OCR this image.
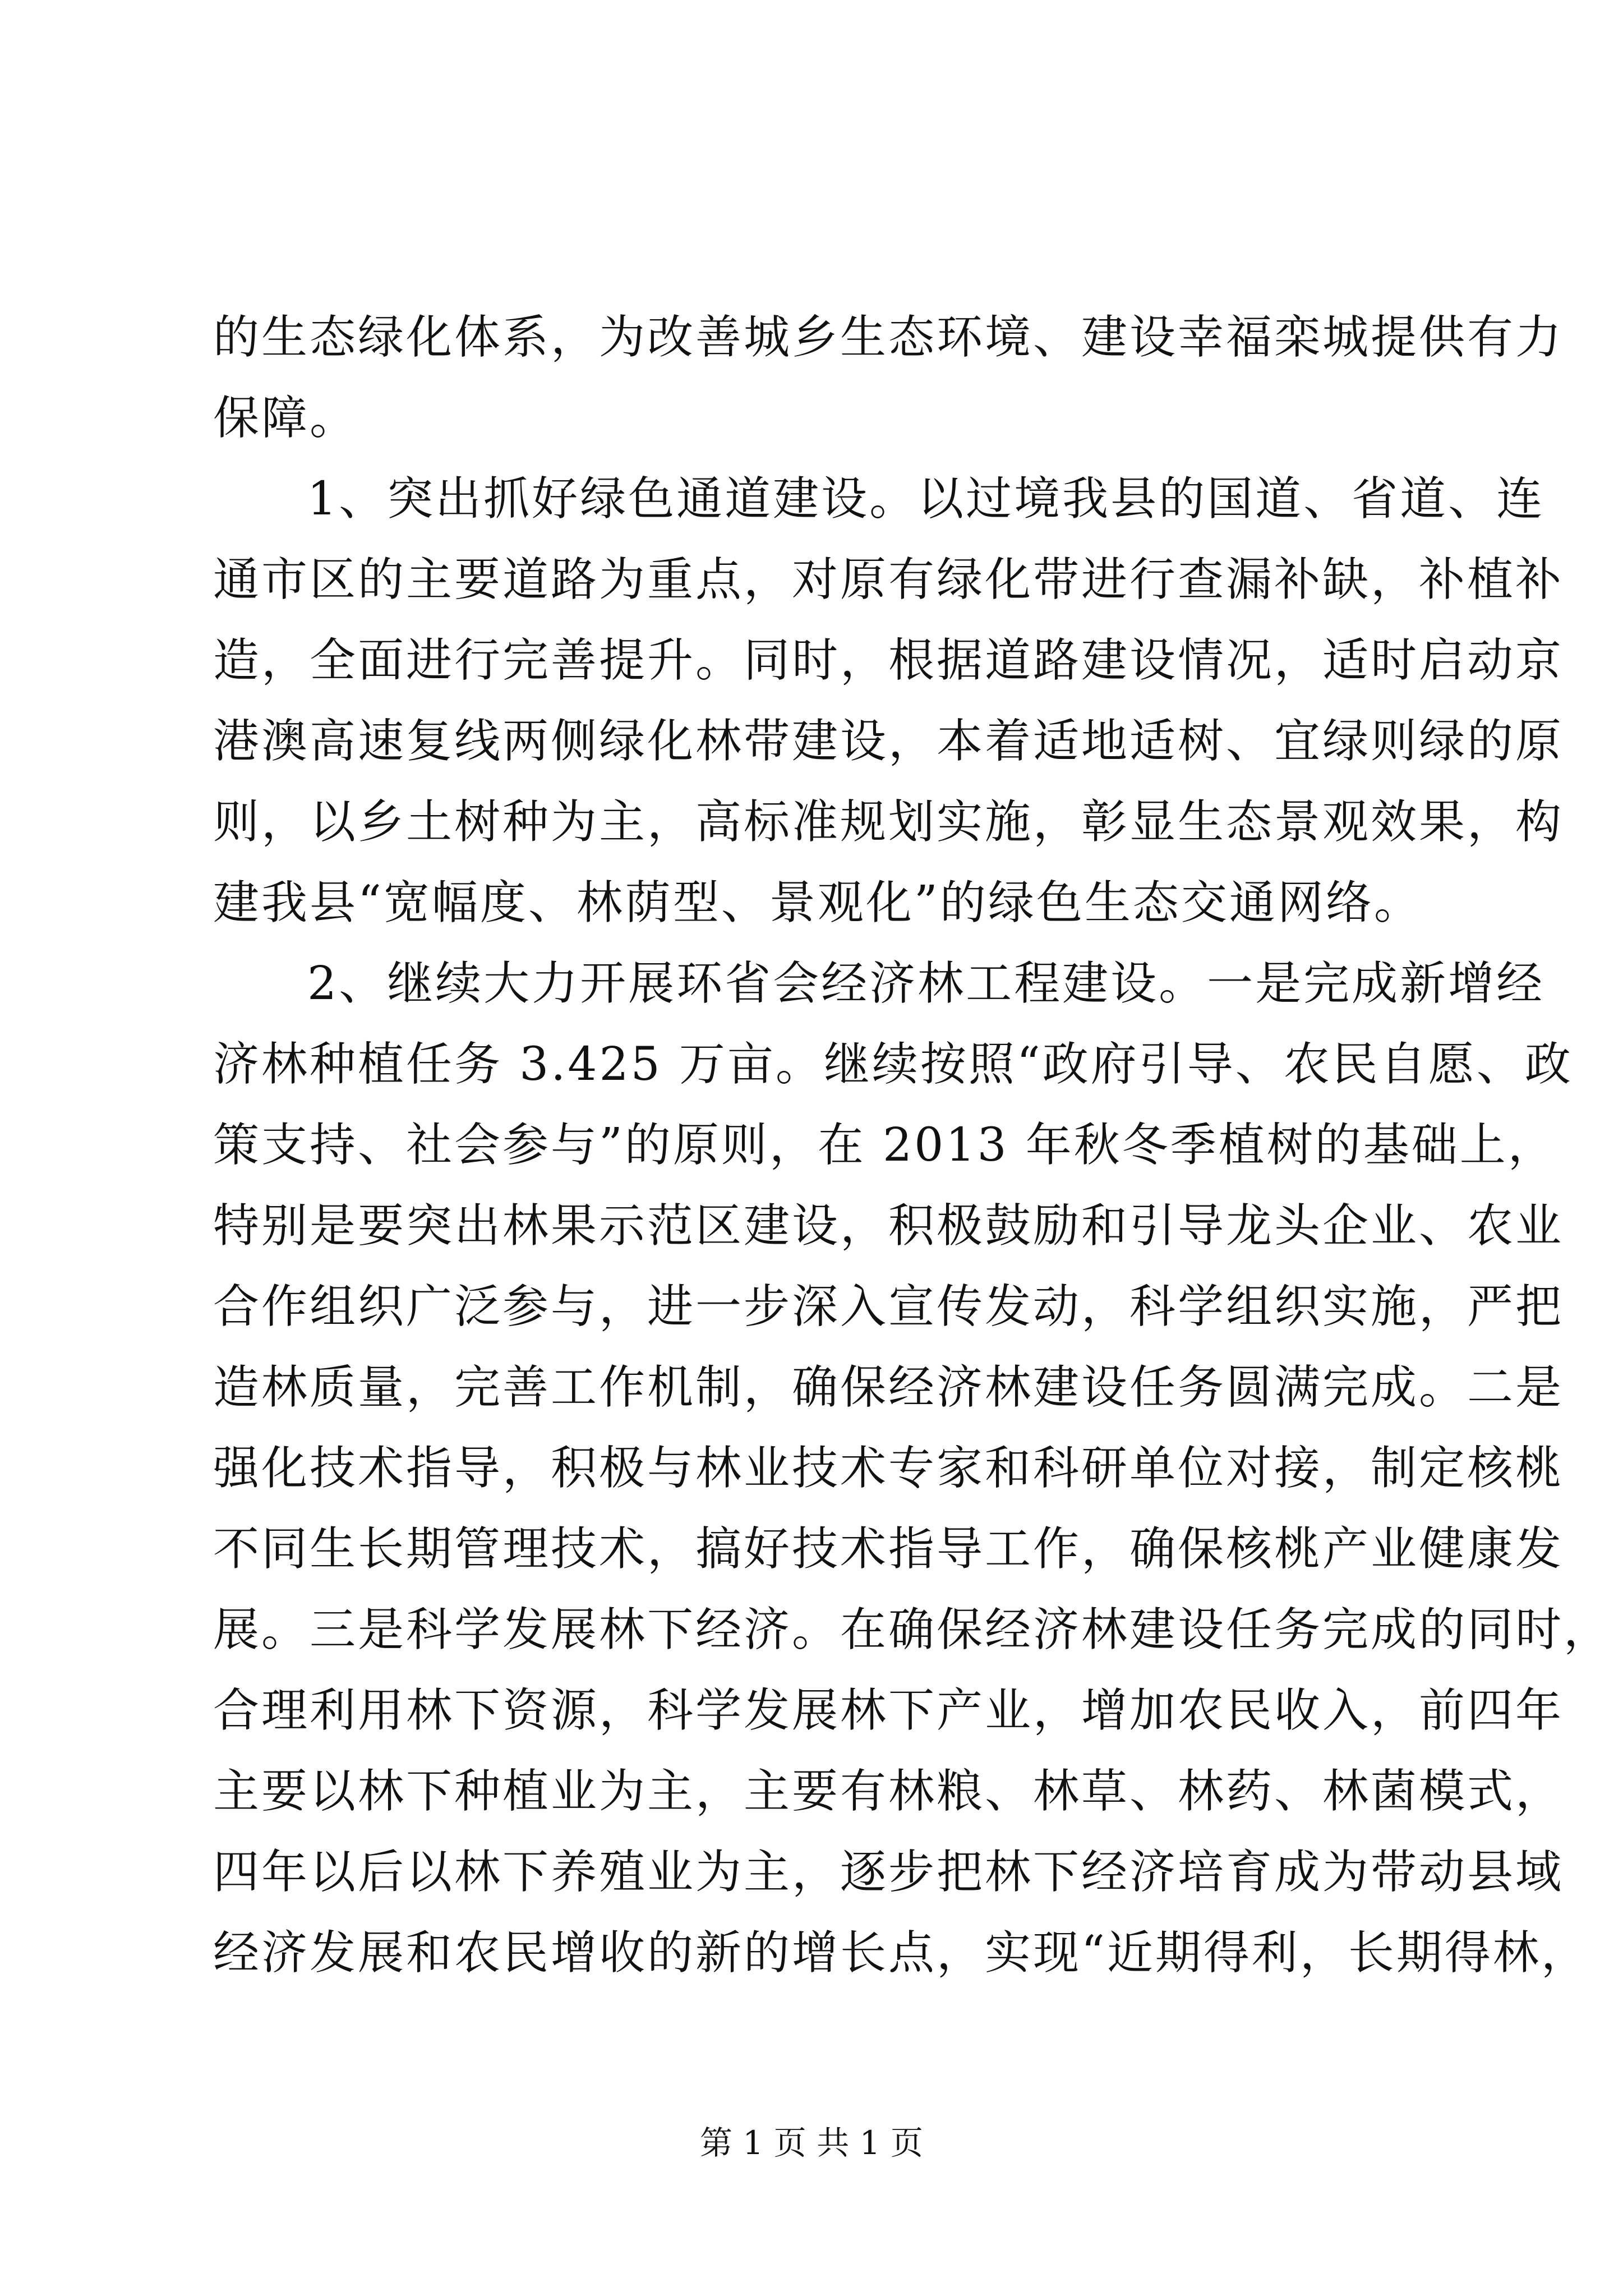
的生态绿化体系，为改善城乡生态环境、建设幸福栾城提供有力
保障。
1、突出抓好绿色通道建设。以过境我县的国道、省道、连
通市区的主要道路为重点，对原有绿化带进行查漏补缺，补植补
造，全面进行完善提升。同时，根据道路建设情况，适时启动京
港澳高速复线两侧绿化林带建设，本着适地适树、宜绿则绿的原
则，以乡土树种为主，高标准规划实施，彰显生态景观效果，构
建我县“宽幅度、林荫型、景观化”的绿色生态交通网络。
2、继续大力开展环省会经济林工程建设。一是完成新增经
济林种植任务 3.425 万亩。继续按照“政府引导、农民自愿、政
策支持、社会参与”的原则，在 2013 年秋冬季植树的基础上，
特别是要突出林果示范区建设，积极鼓励和引导龙头企业、农业
合作组织广泛参与，进一步深入宣传发动，科学组织实施，严把
造林质量，完善工作机制，确保经济林建设任务圆满完成。二是
强化技术指导，积极与林业技术专家和科研单位对接，制定核桃
不同生长期管理技术，搞好技术指导工作，确保核桃产业健康发
展。三是科学发展林下经济。在确保经济林建设任务完成的同时，
合理利用林下资源，科学发展林下产业，增加农民收入，前四年
主要以林下种植业为主，主要有林粮、林草、林药、林菌模式，
四年以后以林下养殖业为主，逐步把林下经济培育成为带动县域
经济发展和农民增收的新的增长点，实现“近期得利，长期得林，
第 1 页 共 1 页
